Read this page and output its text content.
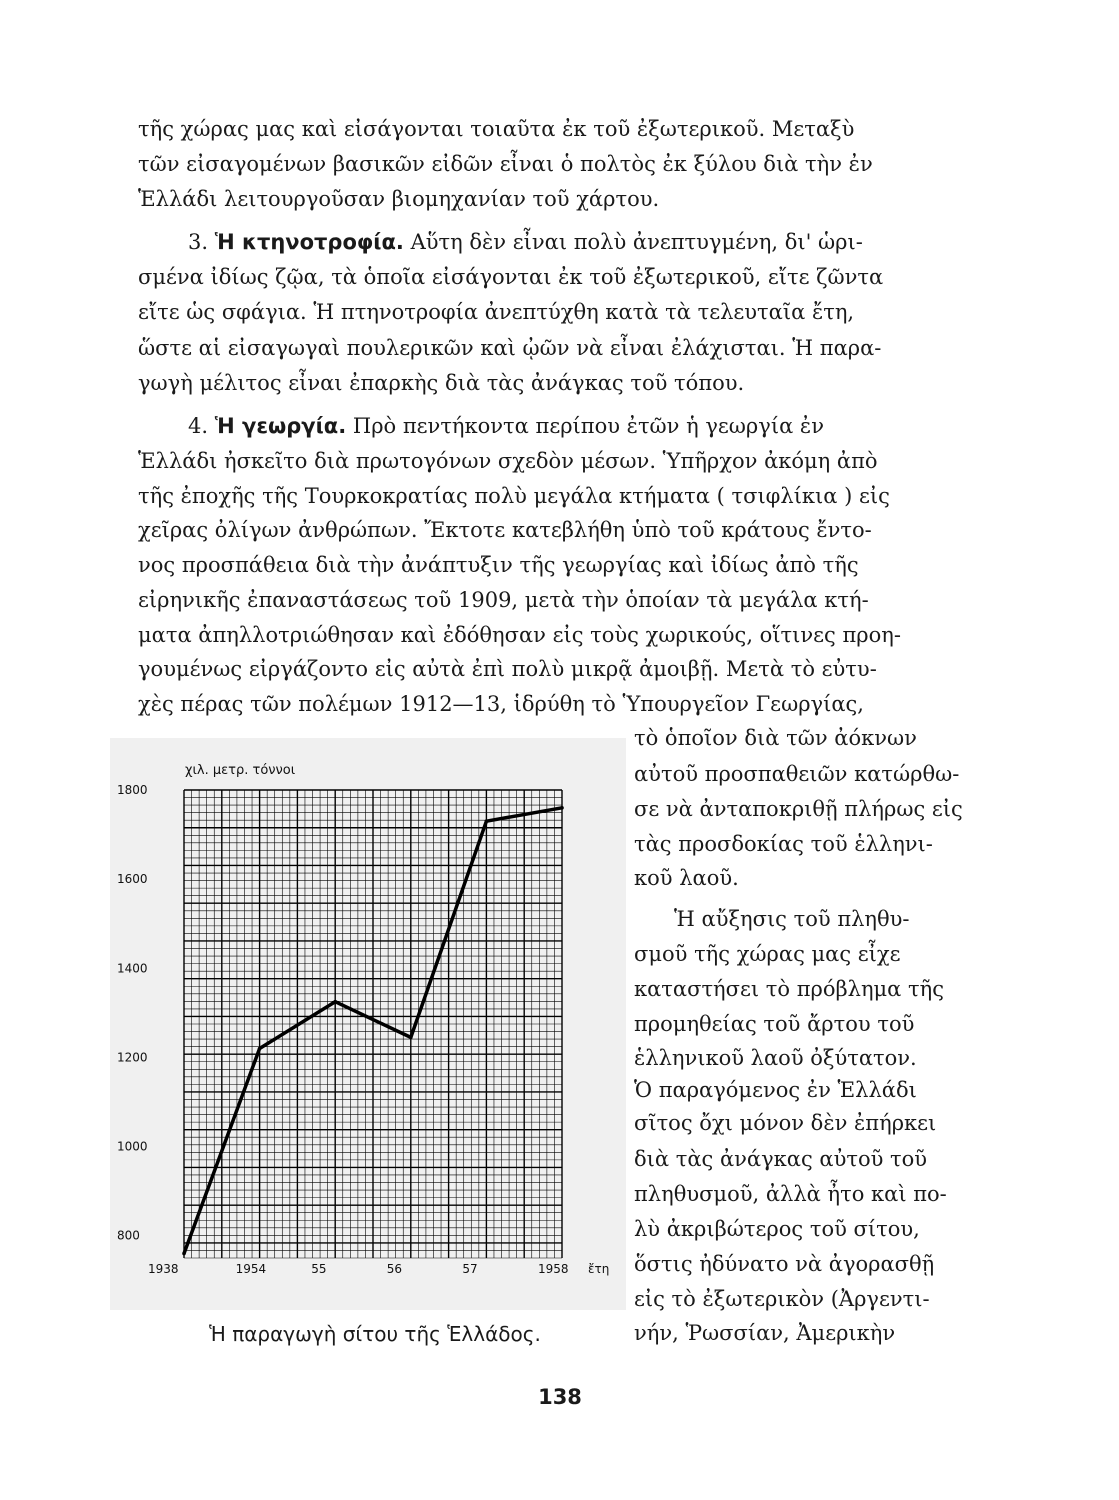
τῆς χώρας μας καὶ εἰσάγονται τοιαῦτα ἐκ τοῦ ἐξωτερικοῦ. Μεταξὺ
τῶν εἰσαγομένων βασικῶν εἰδῶν εἶναι ὁ πολτὸς ἐκ ξύλου διὰ τὴν ἐν
Ἑλλάδι λειτουργοῦσαν βιομηχανίαν τοῦ χάρτου.
3. Ἡ κτηνοτροφία. Αὕτη δὲν εἶναι πολὺ ἀνεπτυγμένη, δι' ὡρι-
σμένα ἰδίως ζῷα, τὰ ὁποῖα εἰσάγονται ἐκ τοῦ ἐξωτερικοῦ, εἴτε ζῶντα
εἴτε ὡς σφάγια. Ἡ πτηνοτροφία ἀνεπτύχθη κατὰ τὰ τελευταῖα ἔτη,
ὥστε αἱ εἰσαγωγαὶ πουλερικῶν καὶ ᾠῶν νὰ εἶναι ἐλάχισται. Ἡ παρα-
γωγὴ μέλιτος εἶναι ἐπαρκὴς διὰ τὰς ἀνάγκας τοῦ τόπου.
4. Ἡ γεωργία. Πρὸ πεντήκοντα περίπου ἐτῶν ἡ γεωργία ἐν
Ἑλλάδι ἠσκεῖτο διὰ πρωτογόνων σχεδὸν μέσων. Ὑπῆρχον ἀκόμη ἀπὸ
τῆς ἐποχῆς τῆς Τουρκοκρατίας πολὺ μεγάλα κτήματα ( τσιφλίκια ) εἰς
χεῖρας ὀλίγων ἀνθρώπων. Ἔκτοτε κατεβλήθη ὑπὸ τοῦ κράτους ἔντο-
νος προσπάθεια διὰ τὴν ἀνάπτυξιν τῆς γεωργίας καὶ ἰδίως ἀπὸ τῆς
εἰρηνικῆς ἐπαναστάσεως τοῦ 1909, μετὰ τὴν ὁποίαν τὰ μεγάλα κτή-
ματα ἀπηλλοτριώθησαν καὶ ἐδόθησαν εἰς τοὺς χωρικούς, οἵτινες προη-
γουμένως εἰργάζοντο εἰς αὐτὰ ἐπὶ πολὺ μικρᾷ ἀμοιβῇ. Μετὰ τὸ εὐτυ-
χὲς πέρας τῶν πολέμων 1912—13, ἱδρύθη τὸ Ὑπουργεῖον Γεωργίας,
τὸ ὁποῖον διὰ τῶν ἀόκνων
αὐτοῦ προσπαθειῶν κατώρθω-
σε νὰ ἀνταποκριθῇ πλήρως εἰς
τὰς προσδοκίας τοῦ ἑλληνι-
κοῦ λαοῦ.
Ἡ αὔξησις τοῦ πληθυ-
σμοῦ τῆς χώρας μας εἶχε
καταστήσει τὸ πρόβλημα τῆς
προμηθείας τοῦ ἄρτου τοῦ
ἑλληνικοῦ λαοῦ ὀξύτατον.
Ὁ παραγόμενος ἐν Ἑλλάδι
σῖτος ὄχι μόνον δὲν ἐπήρκει
διὰ τὰς ἀνάγκας αὐτοῦ τοῦ
πληθυσμοῦ, ἀλλὰ ἦτο καὶ πο-
λὺ ἀκριβώτερος τοῦ σίτου,
ὅστις ἠδύνατο νὰ ἀγορασθῇ
εἰς τὸ ἐξωτερικὸν (Ἀργεντι-
νήν, Ῥωσσίαν, Ἀμερικὴν
800
1000
1200
1400
1600
1800
1938	1954	55	56	57	1958
χιλ. μετρ. τόννοι
ἔτη
Ἡ παραγωγὴ σίτου τῆς Ἑλλάδος.
138
